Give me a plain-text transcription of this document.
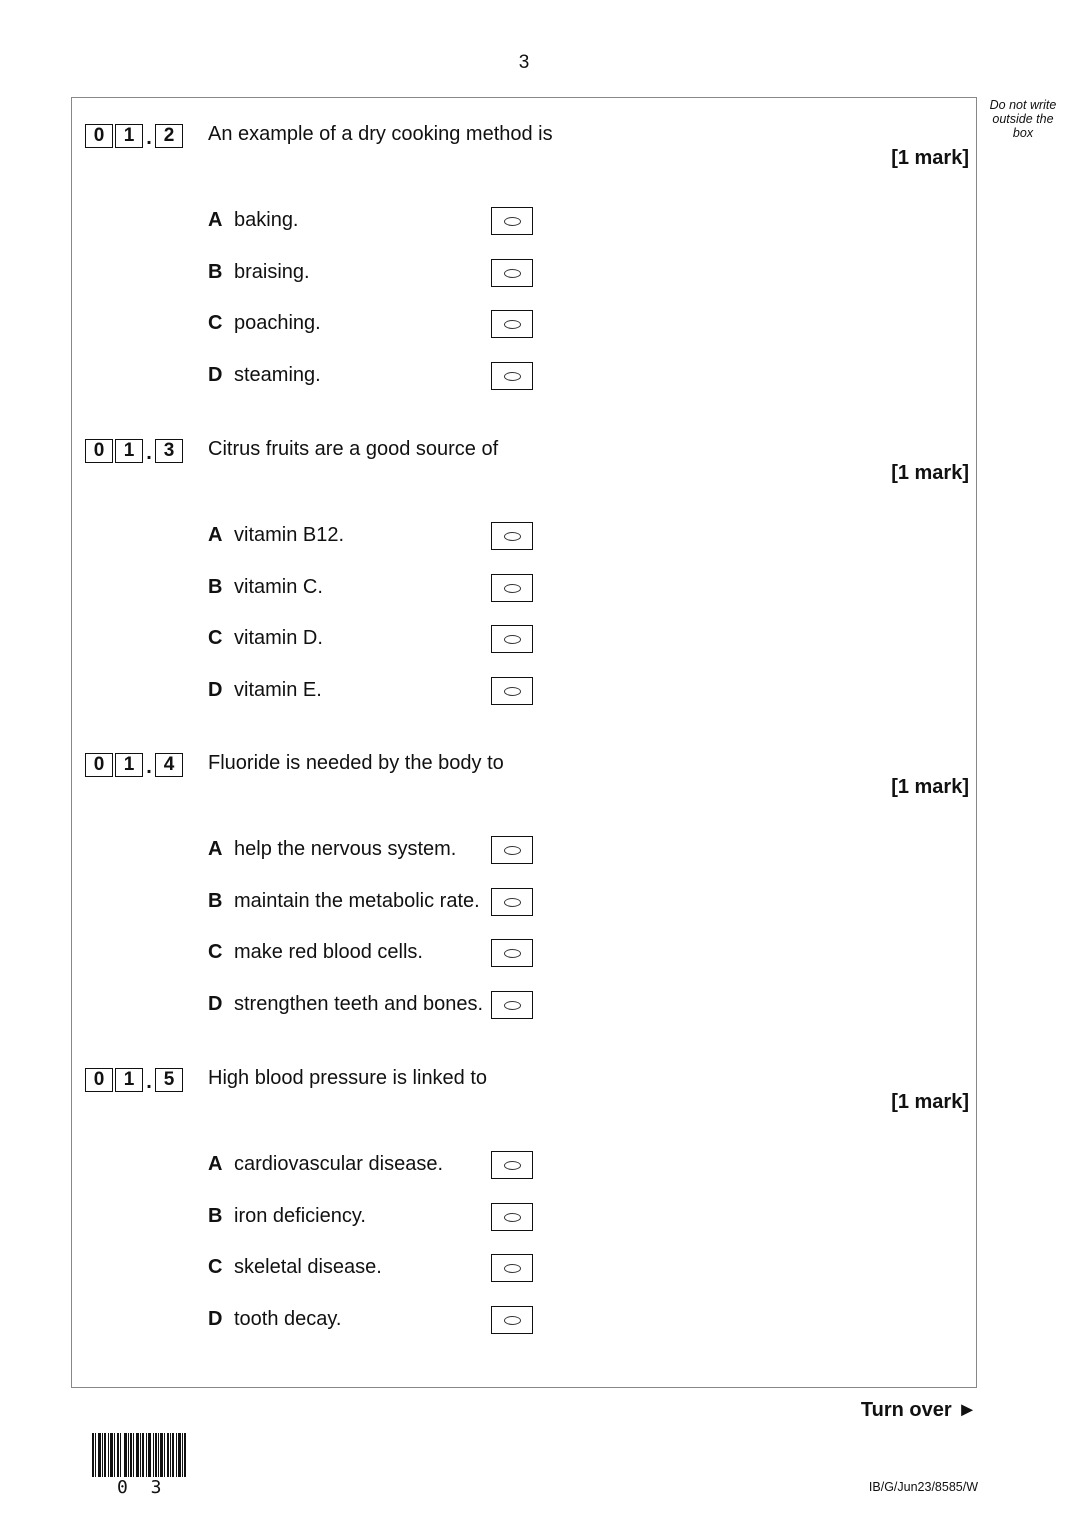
3
Do not write outside the box
0	1 . 2	An example of a dry cooking method is
[1 mark]
A baking.
B braising.
C poaching.
D steaming.
0	1 . 3	Citrus fruits are a good source of
[1 mark]
A vitamin B12.
B vitamin C.
C vitamin D.
D vitamin E.
0	1 . 4	Fluoride is needed by the body to
[1 mark]
A help the nervous system.
B maintain the metabolic rate.
C make red blood cells.
D strengthen teeth and bones.
0	1 . 5	High blood pressure is linked to
[1 mark]
A cardiovascular disease.
B iron deficiency.
C skeletal disease.
D tooth decay.
Turn over ►
0 3	IB/G/Jun23/8585/W
